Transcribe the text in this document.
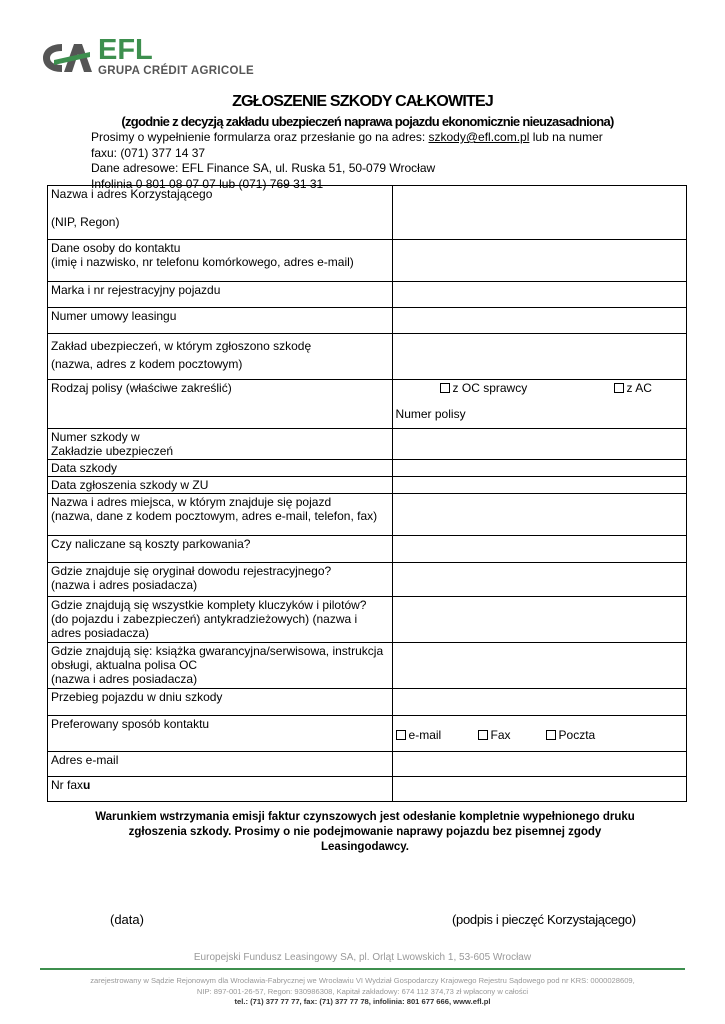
EFL
GRUPA CRÉDIT AGRICOLE
ZGŁOSZENIE SZKODY CAŁKOWITEJ
(zgodnie z decyzją zakładu ubezpieczeń naprawa pojazdu ekonomicznie nieuzasadniona)
Prosimy o wypełnienie formularza oraz przesłanie go na adres: szkody@efl.com.pl lub na numer
faxu: (071) 377 14 37
Dane adresowe: EFL Finance SA, ul. Ruska 51, 50-079 Wrocław
Infolinia 0 801 08 07 07 lub (071) 769 31 31
Nazwa i adres Korzystającego
(NIP, Regon)	

Dane osoby do kontaktu
(imię i nazwisko, nr telefonu komórkowego, adres e-mail)	

Marka i nr rejestracyjny pojazdu	
Numer umowy leasingu	

Zakład ubezpieczeń, w którym zgłoszono szkodę
(nazwa, adres z kodem pocztowym)	

Rodzaj polisy (właściwe zakreślić)	z OC sprawcy z AC
Numer polisy

Numer szkody w
Zakładzie ubezpieczeń	

Data szkody	
Data zgłoszenia szkody w ZU	

Nazwa i adres miejsca, w którym znajduje się pojazd
(nazwa, dane z kodem pocztowym, adres e-mail, telefon, fax)	

Czy naliczane są koszty parkowania?	

Gdzie znajduje się oryginał dowodu rejestracyjnego?
(nazwa i adres posiadacza)	

Gdzie znajdują się wszystkie komplety kluczyków i pilotów?
(do pojazdu i zabezpieczeń) antykradzieżowych) (nazwa i
adres posiadacza)	

Gdzie znajdują się: książka gwarancyjna/serwisowa, instrukcja
obsługi, aktualna polisa OC
(nazwa i adres posiadacza)	

Przebieg pojazdu w dniu szkody	
Preferowany sposób kontaktu	e-mail Fax Poczta

Adres e-mail	
Nr faxu	
Warunkiem wstrzymania emisji faktur czynszowych jest odesłanie kompletnie wypełnionego druku
zgłoszenia szkody. Prosimy o nie podejmowanie naprawy pojazdu bez pisemnej zgody
Leasingodawcy.
(data)	(podpis i pieczęć Korzystającego)
Europejski Fundusz Leasingowy SA, pl. Orląt Lwowskich 1, 53-605 Wrocław
zarejestrowany w Sądzie Rejonowym dla Wrocławia-Fabrycznej we Wrocławiu VI Wydział Gospodarczy Krajowego Rejestru Sądowego pod nr KRS: 0000028609,
NIP: 897-001-26-57, Regon: 930986308, Kapitał zakładowy: 674 112 374,73 zł wpłacony w całości
tel.: (71) 377 77 77, fax: (71) 377 77 78, infolinia: 801 677 666, www.efl.pl
